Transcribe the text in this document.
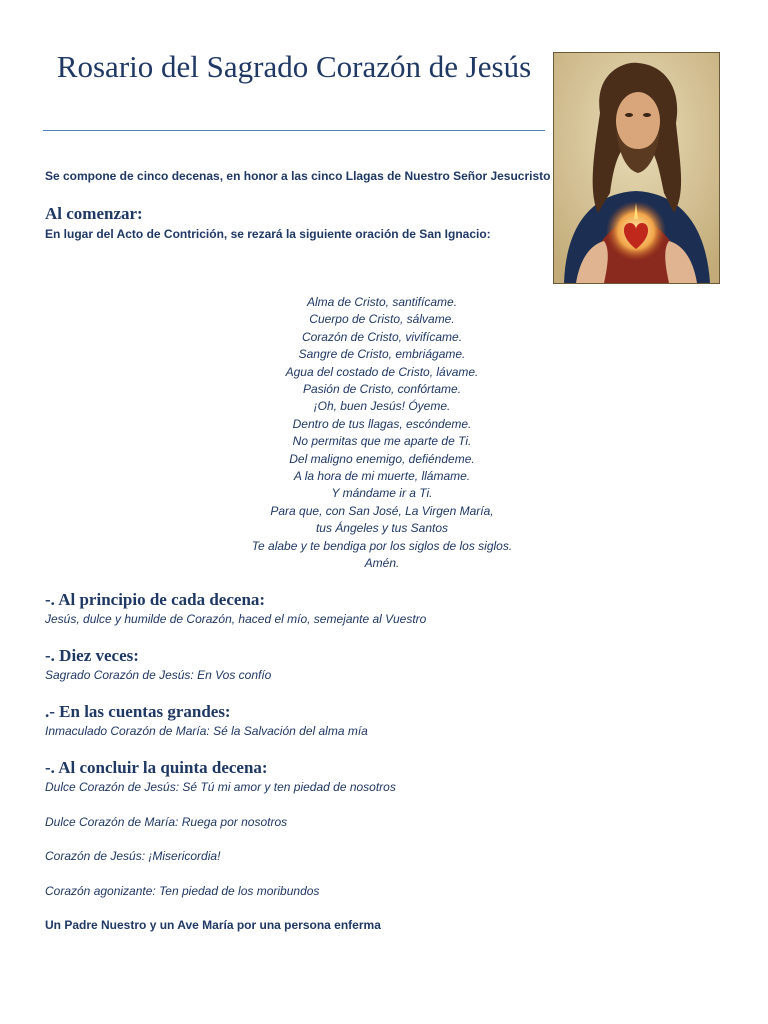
Rosario del Sagrado Corazón de Jesús

Se compone de cinco decenas, en honor a las cinco Llagas de Nuestro Señor Jesucristo

Al comenzar:

En lugar del Acto de Contrición, se rezará la siguiente oración de San Ignacio:

Alma de Cristo, santifícame.
Cuerpo de Cristo, sálvame.
Corazón de Cristo, vivifícame.
Sangre de Cristo, embriágame.
Agua del costado de Cristo, lávame.
Pasión de Cristo, confórtame.
¡Oh, buen Jesús! Óyeme.
Dentro de tus llagas, escóndeme.
No permitas que me aparte de Ti.
Del maligno enemigo, defiéndeme.
A la hora de mi muerte, llámame.
Y mándame ir a Ti.
Para que, con San José, La Virgen María,
tus Ángeles y tus Santos
Te alabe y te bendiga por los siglos de los siglos.
Amén.
-. Al principio de cada decena:

Jesús, dulce y humilde de Corazón, haced el mío, semejante al Vuestro

-. Diez veces:

Sagrado Corazón de Jesús: En Vos confío

.- En las cuentas grandes:

Inmaculado Corazón de María: Sé la Salvación del alma mía

-. Al concluir la quinta decena:

Dulce Corazón de Jesús: Sé Tú mi amor y ten piedad de nosotros

Dulce Corazón de María: Ruega por nosotros

Corazón de Jesús: ¡Misericordia!

Corazón agonizante: Ten piedad de los moribundos

Un Padre Nuestro y un Ave María por una persona enferma
